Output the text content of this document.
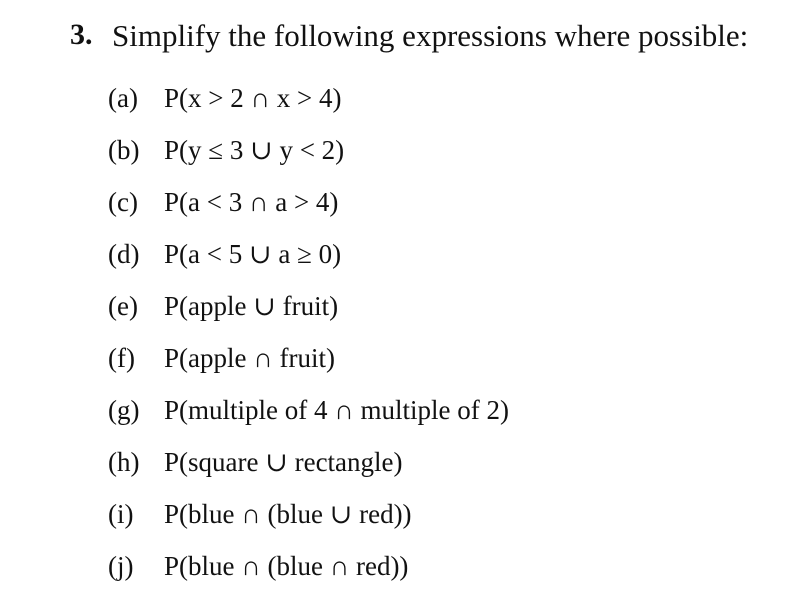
3. Simplify the following expressions where possible:
(a) P(x > 2 ∩ x > 4)
(b) P(y ≤ 3 ∪ y < 2)
(c) P(a < 3 ∩ a > 4)
(d) P(a < 5 ∪ a ≥ 0)
(e) P(apple ∪ fruit)
(f)	P(apple ∩ fruit)
(g) P(multiple of 4 ∩ multiple of 2)
(h) P(square ∪ rectangle)
(i)	P(blue ∩ (blue ∪ red))
(j)	P(blue ∩ (blue ∩ red))
